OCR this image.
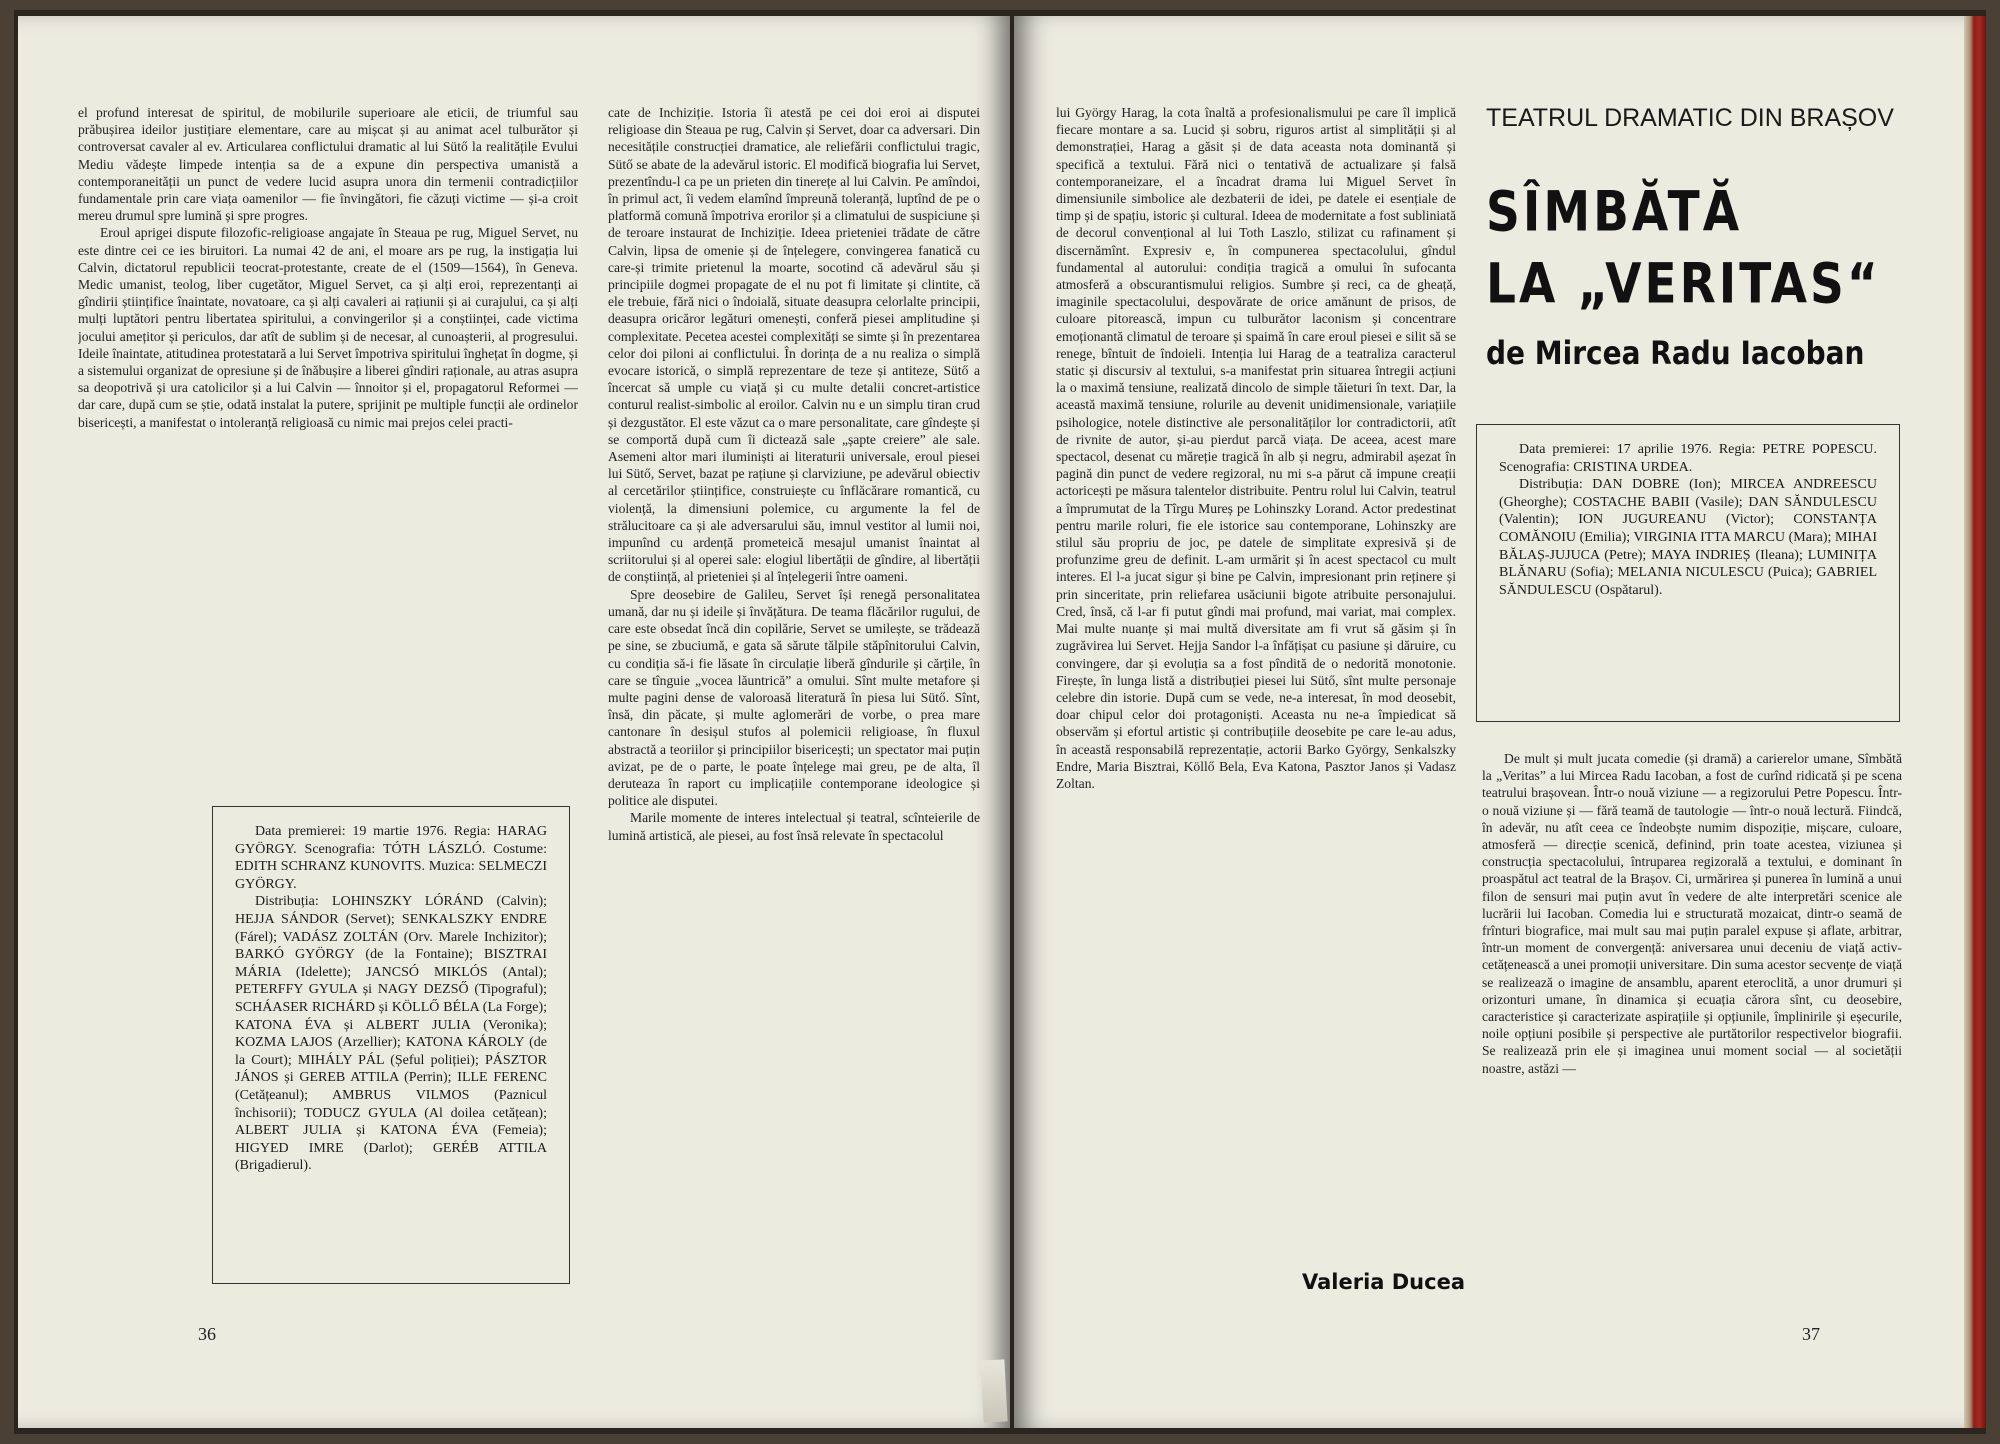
el profund interesat de spiritul, de mobilurile superioare ale eticii, de triumful sau prăbușirea ideilor justițiare elementare, care au mișcat și au animat acel tulburător și controversat cavaler al ev. Articularea conflictului dramatic al lui Sütő la realitățile Evului Mediu vădește limpede intenția sa de a expune din perspectiva umanistă a contemporaneității un punct de vedere lucid asupra unora din termenii contradicțiilor fundamentale prin care viața oamenilor — fie învingători, fie căzuți victime — și-a croit mereu drumul spre lumină și spre progres.

Eroul aprigei dispute filozofic-religioase angajate în Steaua pe rug, Miguel Servet, nu este dintre cei ce ies biruitori. La numai 42 de ani, el moare ars pe rug, la instigația lui Calvin, dictatorul republicii teocrat-protestante, create de el (1509—1564), în Geneva. Medic umanist, teolog, liber cugetător, Miguel Servet, ca și alți eroi, reprezentanți ai gîndirii științifice înaintate, novatoare, ca și alți cavaleri ai rațiunii și ai curajului, ca și alți mulți luptători pentru libertatea spiritului, a convingerilor și a conștiinței, cade victima jocului amețitor și periculos, dar atît de sublim și de necesar, al cunoașterii, al progresului. Ideile înaintate, atitudinea protestatară a lui Servet împotriva spiritului înghețat în dogme, și a sistemului organizat de opresiune și de înăbușire a liberei gîndiri raționale, au atras asupra sa deopotrivă și ura catolicilor și a lui Calvin — înnoitor și el, propagatorul Reformei — dar care, după cum se știe, odată instalat la putere, sprijinit pe multiple funcții ale ordinelor bisericești, a manifestat o intoleranță religioasă cu nimic mai prejos celei practi-

Data premierei: 19 martie 1976. Regia: HARAG GYÖRGY. Scenografia: TÓTH LÁSZLÓ. Costume: EDITH SCHRANZ KUNOVITS. Muzica: SELMECZI GYÖRGY.

Distribuția: LOHINSZKY LÓRÁND (Calvin); HEJJA SÁNDOR (Servet); SENKALSZKY ENDRE (Fárel); VADÁSZ ZOLTÁN (Orv. Marele Inchizitor); BARKÓ GYÖRGY (de la Fontaine); BISZTRAI MÁRIA (Idelette); JANCSÓ MIKLÓS (Antal); PETERFFY GYULA și NAGY DEZSŐ (Tipograful); SCHÁASER RICHÁRD și KÖLLŐ BÉLA (La Forge); KATONA ÉVA și ALBERT JULIA (Veronika); KOZMA LAJOS (Arzellier); KATONA KÁROLY (de la Court); MIHÁLY PÁL (Șeful poliției); PÁSZTOR JÁNOS și GEREB ATTILA (Perrin); ILLE FERENC (Cetățeanul); AMBRUS VILMOS (Paznicul închisorii); TODUCZ GYULA (Al doilea cetățean); ALBERT JULIA și KATONA ÉVA (Femeia); HIGYED IMRE (Darlot); GERÉB ATTILA (Brigadierul).

cate de Inchiziție. Istoria îi atestă pe cei doi eroi ai disputei religioase din Steaua pe rug, Calvin și Servet, doar ca adversari. Din necesitățile construcției dramatice, ale reliefării conflictului tragic, Sütő se abate de la adevărul istoric. El modifică biografia lui Servet, prezentîndu-l ca pe un prieten din tinerețe al lui Calvin. Pe amîndoi, în primul act, îi vedem elamînd împreună toleranță, luptînd de pe o platformă comună împotriva erorilor și a climatului de suspiciune și de teroare instaurat de Inchiziție. Ideea prieteniei trădate de către Calvin, lipsa de omenie și de înțelegere, convingerea fanatică cu care-și trimite prietenul la moarte, socotind că adevărul său și principiile dogmei propagate de el nu pot fi limitate și clintite, că ele trebuie, fără nici o îndoială, situate deasupra celorlalte principii, deasupra oricăror legături omenești, conferă piesei amplitudine și complexitate. Pecetea acestei complexități se simte și în prezentarea celor doi piloni ai conflictului. În dorința de a nu realiza o simplă evocare istorică, o simplă reprezentare de teze și antiteze, Sütő a încercat să umple cu viață și cu multe detalii concret-artistice conturul realist-simbolic al eroilor. Calvin nu e un simplu tiran crud și dezgustător. El este văzut ca o mare personalitate, care gîndește și se comportă după cum îi dictează sale „șapte creiere” ale sale. Asemeni altor mari iluminiști ai literaturii universale, eroul piesei lui Sütő, Servet, bazat pe rațiune și clarviziune, pe adevărul obiectiv al cercetărilor științifice, construiește cu înflăcărare romantică, cu violență, la dimensiuni polemice, cu argumente la fel de strălucitoare ca și ale adversarului său, imnul vestitor al lumii noi, impunînd cu ardență prometeică mesajul umanist înaintat al scriitorului și al operei sale: elogiul libertății de gîndire, al libertății de conștiință, al prieteniei și al înțelegerii între oameni.

Spre deosebire de Galileu, Servet își renegă personalitatea umană, dar nu și ideile și învățătura. De teama flăcărilor rugului, de care este obsedat încă din copilărie, Servet se umilește, se trădează pe sine, se zbuciumă, e gata să sărute tălpile stăpînitorului Calvin, cu condiția să-i fie lăsate în circulație liberă gîndurile și cărțile, în care se tînguie „vocea lăuntrică” a omului. Sînt multe metafore și multe pagini dense de valoroasă literatură în piesa lui Sütő. Sînt, însă, din păcate, și multe aglomerări de vorbe, o prea mare cantonare în desișul stufos al polemicii religioase, în fluxul abstractă a teoriilor și principiilor bisericești; un spectator mai puțin avizat, pe de o parte, le poate înțelege mai greu, pe de alta, îl deruteaza în raport cu implicațiile contemporane ideologice și politice ale disputei.

Marile momente de interes intelectual și teatral, scînteierile de lumină artistică, ale piesei, au fost însă relevate în spectacolul

36

lui György Harag, la cota înaltă a profesionalismului pe care îl implică fiecare montare a sa. Lucid și sobru, riguros artist al simplității și al demonstrației, Harag a găsit și de data aceasta nota dominantă și specifică a textului. Fără nici o tentativă de actualizare și falsă contemporaneizare, el a încadrat drama lui Miguel Servet în dimensiunile simbolice ale dezbaterii de idei, pe datele ei esențiale de timp și de spațiu, istoric și cultural. Ideea de modernitate a fost subliniată de decorul convențional al lui Toth Laszlo, stilizat cu rafinament și discernămînt. Expresiv e, în compunerea spectacolului, gîndul fundamental al autorului: condiția tragică a omului în sufocanta atmosferă a obscurantismului religios. Sumbre și reci, ca de gheață, imaginile spectacolului, despovărate de orice amănunt de prisos, de culoare pitorească, impun cu tulburător laconism și concentrare emoționantă climatul de teroare și spaimă în care eroul piesei e silit să se renege, bîntuit de îndoieli. Intenția lui Harag de a teatraliza caracterul static și discursiv al textului, s-a manifestat prin situarea întregii acțiuni la o maximă tensiune, realizată dincolo de simple tăieturi în text. Dar, la această maximă tensiune, rolurile au devenit unidimensionale, variațiile psihologice, notele distinctive ale personalităților lor contradictorii, atît de rivnite de autor, și-au pierdut parcă viața. De aceea, acest mare spectacol, desenat cu măreție tragică în alb și negru, admirabil așezat în pagină din punct de vedere regizoral, nu mi s-a părut că impune creații actoricești pe măsura talentelor distribuite. Pentru rolul lui Calvin, teatrul a împrumutat de la Tîrgu Mureș pe Lohinszky Lorand. Actor predestinat pentru marile roluri, fie ele istorice sau contemporane, Lohinszky are stilul său propriu de joc, pe datele de simplitate expresivă și de profunzime greu de definit. L-am urmărit și în acest spectacol cu mult interes. El l-a jucat sigur și bine pe Calvin, impresionant prin reținere și prin sinceritate, prin reliefarea usăciunii bigote atribuite personajului. Cred, însă, că l-ar fi putut gîndi mai profund, mai variat, mai complex. Mai multe nuanțe și mai multă diversitate am fi vrut să găsim și în zugrăvirea lui Servet. Hejja Sandor l-a înfățișat cu pasiune și dăruire, cu convingere, dar și evoluția sa a fost pîndită de o nedorită monotonie. Firește, în lunga listă a distribuției piesei lui Sütő, sînt multe personaje celebre din istorie. După cum se vede, ne-a interesat, în mod deosebit, doar chipul celor doi protagoniști. Aceasta nu ne-a împiedicat să observăm și efortul artistic și contribuțiile deosebite pe care le-au adus, în această responsabilă reprezentație, actorii Barko György, Senkalszky Endre, Maria Bisztrai, Köllő Bela, Eva Katona, Pasztor Janos și Vadasz Zoltan.

Valeria Ducea
TEATRUL DRAMATIC DIN BRAȘOV
SÎMBĂTĂ
LA „VERITAS“
de Mircea Radu Iacoban

Data premierei: 17 aprilie 1976. Regia: PETRE POPESCU. Scenografia: CRISTINA URDEA.

Distribuția: DAN DOBRE (Ion); MIRCEA ANDREESCU (Gheorghe); COSTACHE BABII (Vasile); DAN SĂNDULESCU (Valentin); ION JUGUREANU (Victor); CONSTANȚA COMĂNOIU (Emilia); VIRGINIA ITTA MARCU (Mara); MIHAI BĂLAȘ-JUJUCA (Petre); MAYA INDRIEȘ (Ileana); LUMINIȚA BLĂNARU (Sofia); MELANIA NICULESCU (Puica); GABRIEL SĂNDULESCU (Ospătarul).

De mult și mult jucata comedie (și dramă) a carierelor umane, Sîmbătă la „Veritas” a lui Mircea Radu Iacoban, a fost de curînd ridicată și pe scena teatrului brașovean. Într-o nouă viziune — a regizorului Petre Popescu. Într-o nouă viziune și — fără teamă de tautologie — într-o nouă lectură. Fiindcă, în adevăr, nu atît ceea ce îndeobște numim dispoziție, mișcare, culoare, atmosferă — direcție scenică, definind, prin toate acestea, viziunea și construcția spectacolului, întruparea regizorală a textului, e dominant în proaspătul act teatral de la Brașov. Ci, urmărirea și punerea în lumină a unui filon de sensuri mai puțin avut în vedere de alte interpretări scenice ale lucrării lui Iacoban. Comedia lui e structurată mozaicat, dintr-o seamă de frînturi biografice, mai mult sau mai puțin paralel expuse și aflate, arbitrar, într-un moment de convergență: aniversarea unui deceniu de viață activ-cetățenească a unei promoții universitare. Din suma acestor secvențe de viață se realizează o imagine de ansamblu, aparent eteroclită, a unor drumuri și orizonturi umane, în dinamica și ecuația cărora sînt, cu deosebire, caracteristice și caracterizate aspirațiile și opțiunile, împlinirile și eșecurile, noile opțiuni posibile și perspective ale purtătorilor respectivelor biografii. Se realizează prin ele și imaginea unui moment social — al societății noastre, astăzi —

37
